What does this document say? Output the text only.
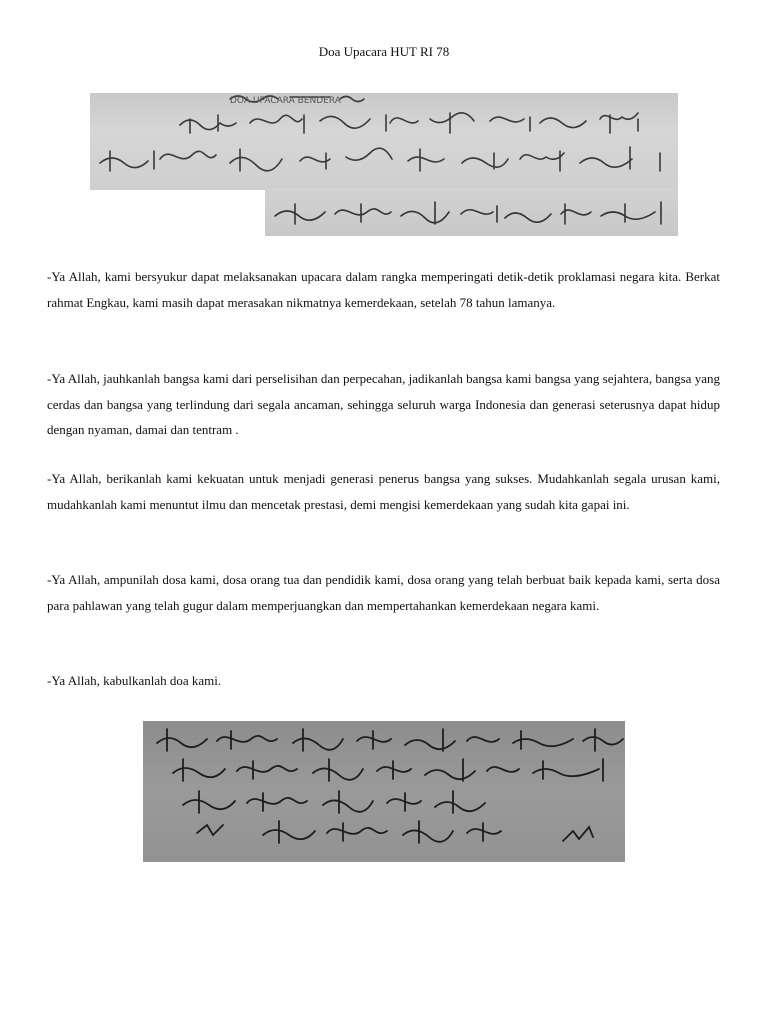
Doa Upacara HUT RI 78
DOA UPACARA BENDERA

-Ya Allah, kami bersyukur dapat melaksanakan upacara dalam rangka memperingati detik-detik proklamasi negara kita. Berkat rahmat Engkau, kami masih dapat merasakan nikmatnya kemerdekaan, setelah 78 tahun lamanya.

-Ya Allah, jauhkanlah bangsa kami dari perselisihan dan perpecahan, jadikanlah bangsa kami bangsa yang sejahtera, bangsa yang cerdas dan bangsa yang terlindung dari segala ancaman, sehingga seluruh warga Indonesia dan generasi seterusnya dapat hidup dengan nyaman, damai dan tentram .

-Ya Allah, berikanlah kami kekuatan untuk menjadi generasi penerus bangsa yang sukses. Mudahkanlah segala urusan kami, mudahkanlah kami menuntut ilmu dan mencetak prestasi, demi mengisi kemerdekaan yang sudah kita gapai ini.

-Ya Allah, ampunilah dosa kami, dosa orang tua dan pendidik kami, dosa orang yang telah berbuat baik kepada kami, serta dosa para pahlawan yang telah gugur dalam memperjuangkan dan mempertahankan kemerdekaan negara kami.

-Ya Allah, kabulkanlah doa kami.
